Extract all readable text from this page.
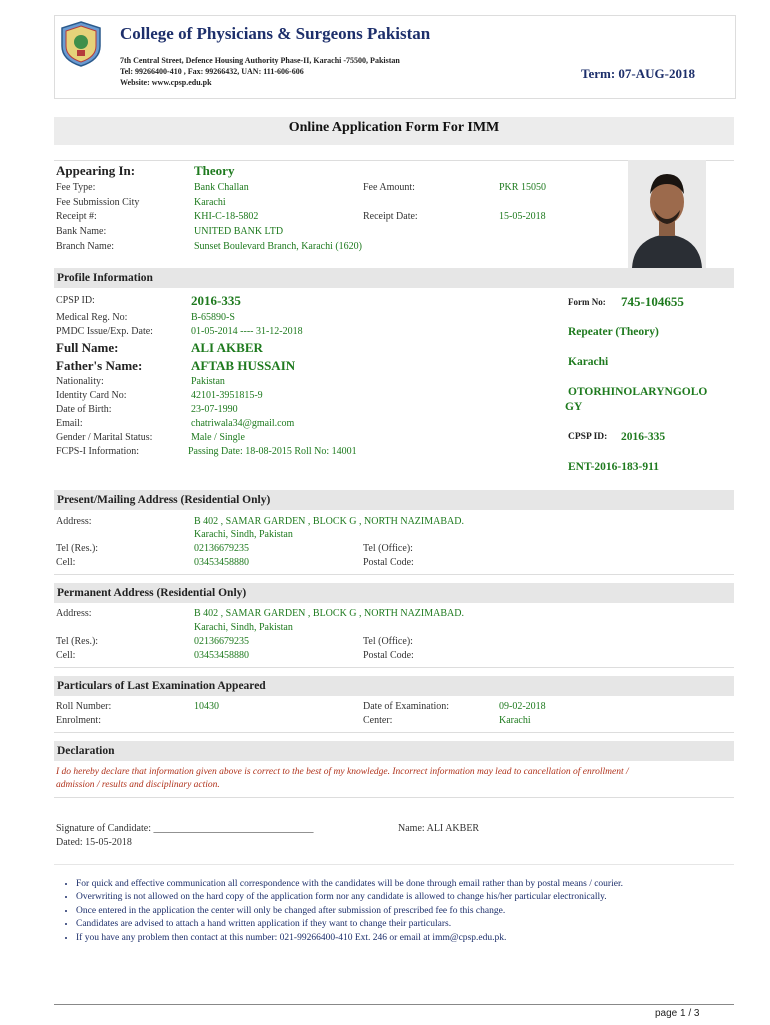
College of Physicians & Surgeons Pakistan
7th Central Street, Defence Housing Authority Phase-II, Karachi -75500, Pakistan
Tel: 99266400-410 , Fax: 99266432, UAN: 111-606-606
Website: www.cpsp.edu.pk
Term: 07-AUG-2018
Online Application Form For IMM
Appearing In:	Theory
Fee Type:	Bank Challan	Fee Amount:	PKR 15050
Fee Submission City	Karachi
Receipt #:	KHI-C-18-5802	Receipt Date:	15-05-2018
Bank Name:	UNITED BANK LTD
Branch Name:	Sunset Boulevard Branch, Karachi (1620)
Profile Information
CPSP ID:	2016-335	Form No: 745-104655
Medical Reg. No:	B-65890-S
PMDC Issue/Exp. Date:	01-05-2014 ---- 31-12-2018	Repeater (Theory)
Full Name:	ALI AKBER
Father's Name:	AFTAB HUSSAIN	Karachi
Nationality:	Pakistan
Identity Card No:	42101-3951815-9	OTORHINOLARYNGOLO
GY
Date of Birth:	23-07-1990
Email:	chatriwala34@gmail.com
Gender / Marital Status:	Male / Single	CPSP ID: 2016-335
FCPS-I Information:	Passing Date: 18-08-2015 Roll No: 14001
ENT-2016-183-911
Present/Mailing Address (Residential Only)
Address:	B 402 , SAMAR GARDEN , BLOCK G , NORTH NAZIMABAD.
Karachi, Sindh, Pakistan
Tel (Res.):	02136679235	Tel (Office):
Cell:	03453458880	Postal Code:
Permanent Address (Residential Only)
Address:	B 402 , SAMAR GARDEN , BLOCK G , NORTH NAZIMABAD.
Karachi, Sindh, Pakistan
Tel (Res.):	02136679235	Tel (Office):
Cell:	03453458880	Postal Code:
Particulars of Last Examination Appeared
Roll Number:	10430	Date of Examination:	09-02-2018
Enrolment:	Center:	Karachi
Declaration
I do hereby declare that information given above is correct to the best of my knowledge. Incorrect information may lead to cancellation of enrollment /
admission / results and disciplinary action.
Signature of Candidate: ________________________________	Name: ALI AKBER
Dated: 15-05-2018
• For quick and effective communication all correspondence with the candidates will be done through email rather than by postal means / courier.
• Overwriting is not allowed on the hard copy of the application form nor any candidate is allowed to change his/her particular electronically.
• Once entered in the application the center will only be changed after submission of prescribed fee fo this change.
• Candidates are advised to attach a hand written application if they want to change their particulars.
• If you have any problem then contact at this number: 021-99266400-410 Ext. 246 or email at imm@cpsp.edu.pk.
page 1 / 3
